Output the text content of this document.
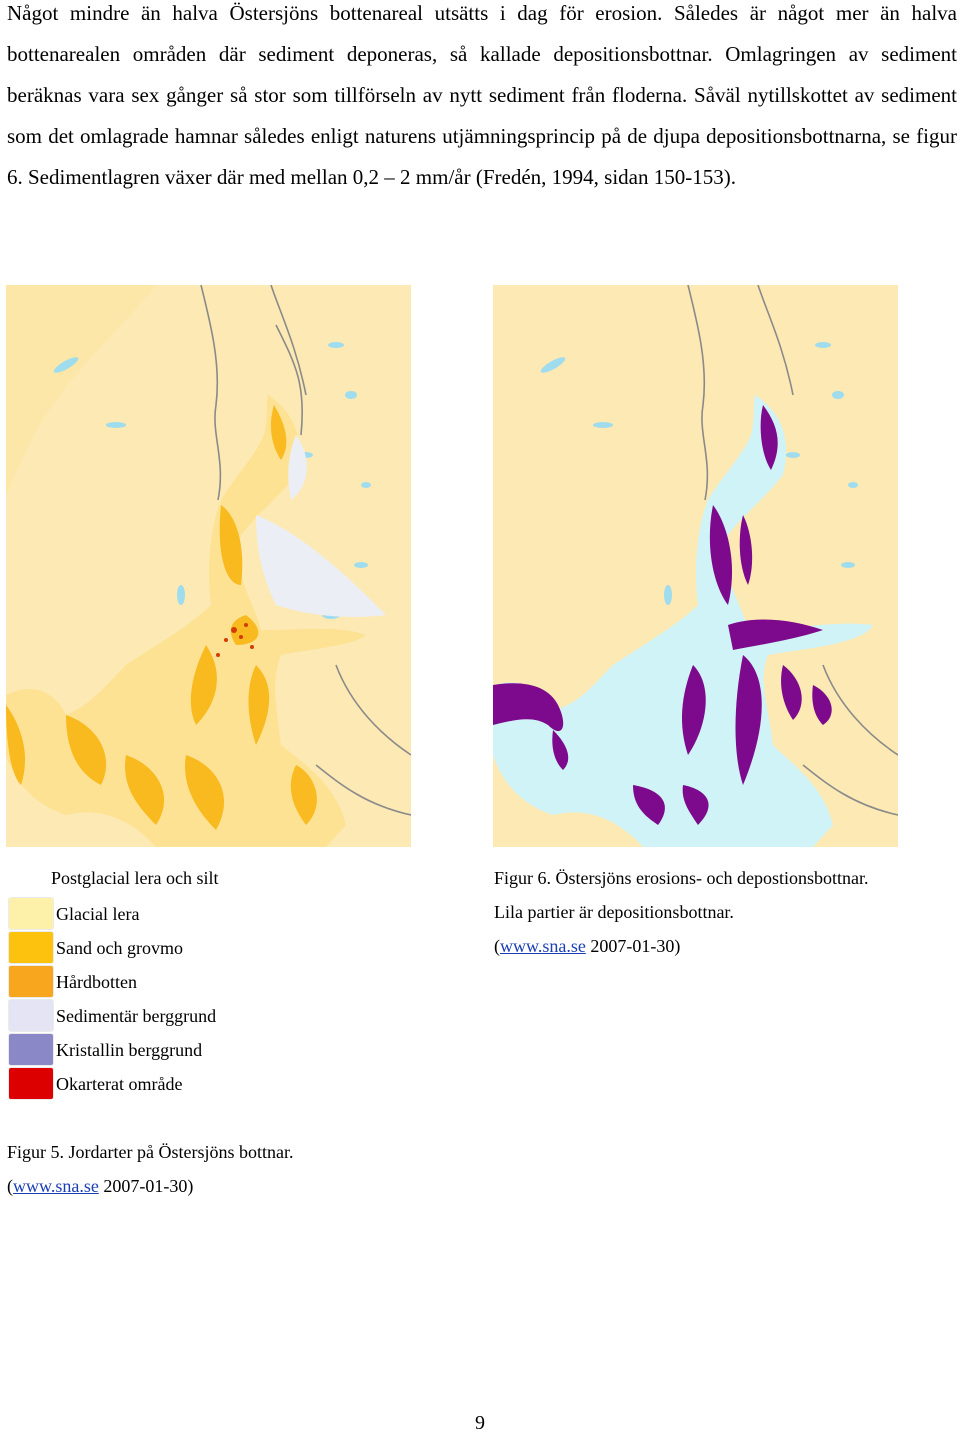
Något mindre än halva Östersjöns bottenareal utsätts i dag för erosion. Således är något mer än halva bottenarealen områden där sediment deponeras, så kallade depositionsbottnar. Omlagringen av sediment beräknas vara sex gånger så stor som tillförseln av nytt sediment från floderna. Såväl nytillskottet av sediment som det omlagrade hamnar således enligt naturens utjämningsprincip på de djupa depositionsbottnarna, se figur 6. Sedimentlagren växer där med mellan 0,2 – 2 mm/år (Fredén, 1994, sidan 150-153).

Postglacial lera och silt
Glacial lera
Sand och grovmo
Hårdbotten
Sedimentär berggrund
Kristallin berggrund
Okarterat område
Figur 6. Östersjöns erosions- och depostionsbottnar.
Lila partier är depositionsbottnar.
(www.sna.se 2007-01-30)
Figur 5. Jordarter på Östersjöns bottnar.
(www.sna.se 2007-01-30)
9
